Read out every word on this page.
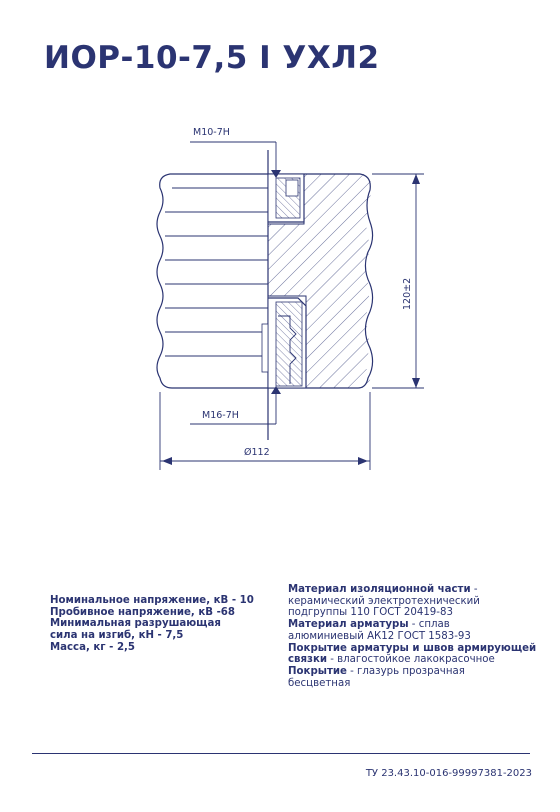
ИОР-10-7,5 I УХЛ2
М10-7Н
М16-7Н
Ø112
120±2
Номинальное напряжение, кВ - 10
Пробивное напряжение, кВ -68
Минимальная разрушающая
сила на изгиб, кН - 7,5
Масса, кг - 2,5
Материал изоляционной части -
керамический электротехнический
подгруппы 110 ГОСТ 20419-83
Материал арматуры - сплав
алюминиевый АК12 ГОСТ 1583-93
Покрытие арматуры и швов армирующей
связки - влагостойкое лакокрасочное
Покрытие - глазурь прозрачная
бесцветная
ТУ 23.43.10-016-99997381-2023
